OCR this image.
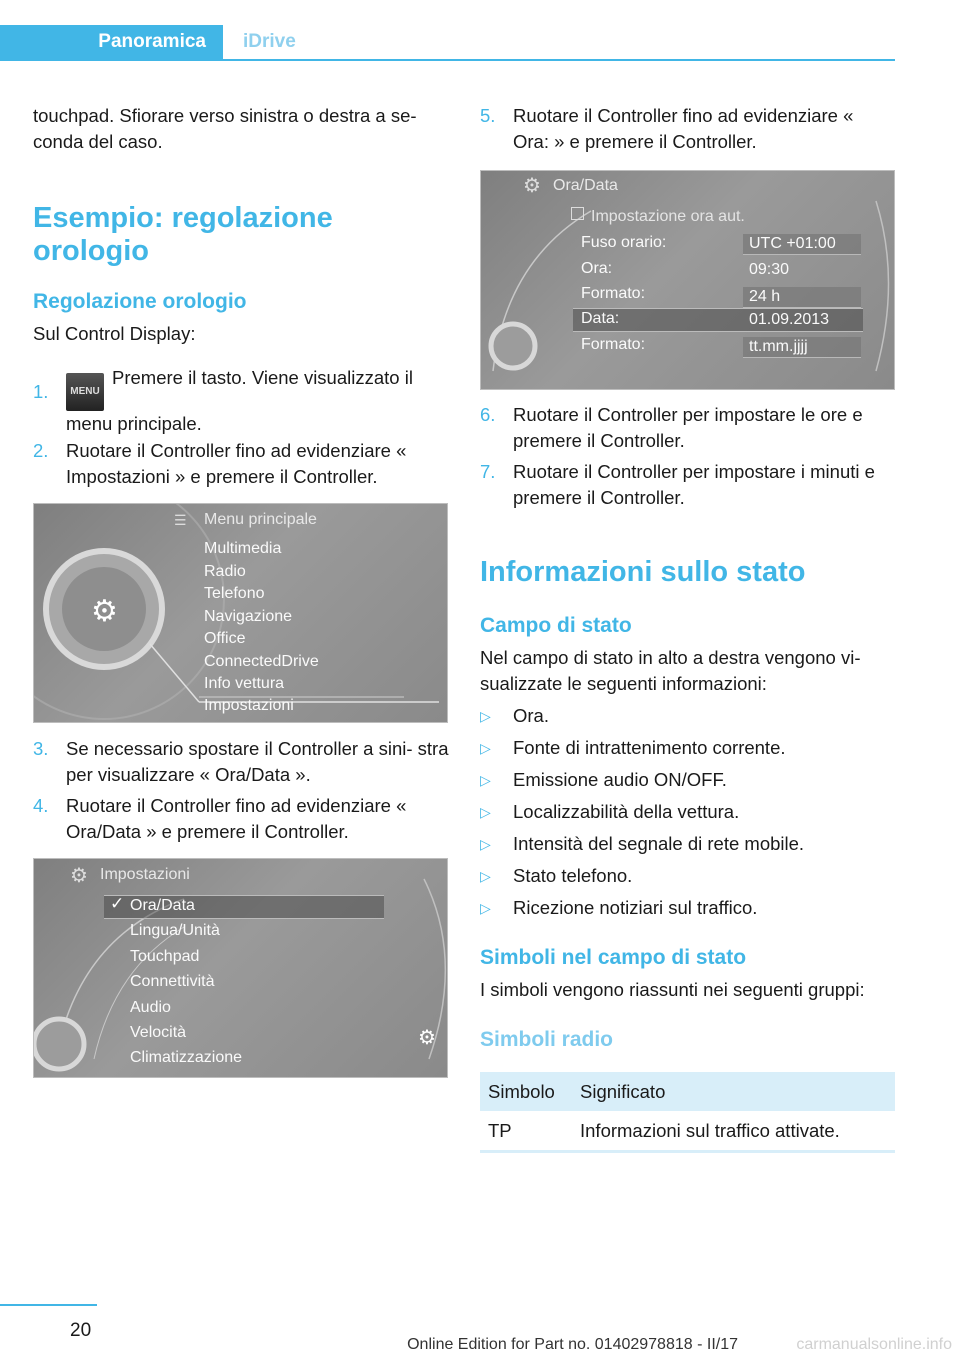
Panoramica iDrive

touchpad. Sfiorare verso sinistra o destra a se- conda del caso.

Esempio: regolazione orologio
Regolazione orologio

Sul Control Display:

1.	MENUPremere il tasto. Viene visualizzato il menu principale.
2. Ruotare il Controller fino ad evidenziare « Impostazioni » e premere il Controller.
⚙
☰ Menu principale
Multimedia
Radio
Telefono
Navigazione
Office
ConnectedDrive
Info vettura
Impostazioni
3. Se necessario spostare il Controller a sini- stra per visualizzare « Ora/Data ».
4. Ruotare il Controller fino ad evidenziare « Ora/Data » e premere il Controller.
⚙ Impostazioni
✓ Ora/Data
Lingua/Unità
Touchpad
Connettività
Audio
Velocità
Climatizzazione
⚙
5. Ruotare il Controller fino ad evidenziare « Ora: » e premere il Controller.
⚙ Ora/Data
Impostazione ora aut.
Fuso orario:	UTC +01:00
Ora:	09:30
Formato:	24 h
Data:	01.09.2013
Formato:	tt.mm.jjjj
6. Ruotare il Controller per impostare le ore e premere il Controller.
7. Ruotare il Controller per impostare i minuti e premere il Controller.
Informazioni sullo stato
Campo di stato

Nel campo di stato in alto a destra vengono vi- sualizzate le seguenti informazioni:

▷ Ora.
▷ Fonte di intrattenimento corrente.
▷ Emissione audio ON/OFF.
▷ Localizzabilità della vettura.
▷ Intensità del segnale di rete mobile.
▷ Stato telefono.
▷ Ricezione notiziari sul traffico.
Simboli nel campo di stato

I simboli vengono riassunti nei seguenti gruppi:

Simboli radio
Simbolo	Significato
TP	Informazioni sul traffico attivate.
20
Online Edition for Part no. 01402978818 - II/17	carmanualsonline.info
